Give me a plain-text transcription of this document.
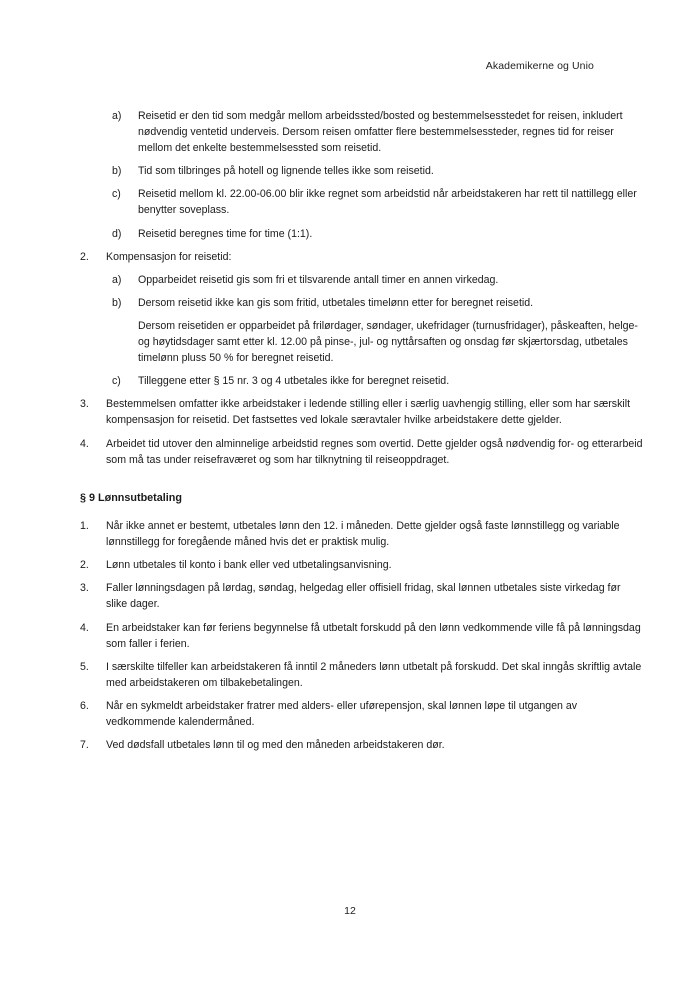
Akademikerne og Unio
a)	Reisetid er den tid som medgår mellom arbeidssted/bosted og bestemmelsesstedet for reisen, inkludert nødvendig ventetid underveis. Dersom reisen omfatter flere bestemmelsessteder, regnes tid for reiser mellom det enkelte bestemmelsessted som reisetid.
b)	Tid som tilbringes på hotell og lignende telles ikke som reisetid.
c)	Reisetid mellom kl. 22.00-06.00 blir ikke regnet som arbeidstid når arbeidstakeren har rett til nattillegg eller benytter soveplass.
d)	Reisetid beregnes time for time (1:1).
2.	Kompensasjon for reisetid:
a)	Opparbeidet reisetid gis som fri et tilsvarende antall timer en annen virkedag.
b)	Dersom reisetid ikke kan gis som fritid, utbetales timelønn etter for beregnet reisetid.
Dersom reisetiden er opparbeidet på frilørdager, søndager, ukefridager (turnusfridager), påskeaften, helge- og høytidsdager samt etter kl. 12.00 på pinse-, jul- og nyttårsaften og onsdag før skjærtorsdag, utbetales timelønn pluss 50 % for beregnet reisetid.
c)	Tilleggene etter § 15 nr. 3 og 4 utbetales ikke for beregnet reisetid.
3.	Bestemmelsen omfatter ikke arbeidstaker i ledende stilling eller i særlig uavhengig stilling, eller som har særskilt kompensasjon for reisetid. Det fastsettes ved lokale særavtaler hvilke arbeidstakere dette gjelder.
4.	Arbeidet tid utover den alminnelige arbeidstid regnes som overtid. Dette gjelder også nødvendig for- og etterarbeid som må tas under reisefraværet og som har tilknytning til reiseoppdraget.
§ 9 Lønnsutbetaling
1.	Når ikke annet er bestemt, utbetales lønn den 12. i måneden. Dette gjelder også faste lønnstillegg og variable lønnstillegg for foregående måned hvis det er praktisk mulig.
2.	Lønn utbetales til konto i bank eller ved utbetalingsanvisning.
3.	Faller lønningsdagen på lørdag, søndag, helgedag eller offisiell fridag, skal lønnen utbetales siste virkedag før slike dager.
4.	En arbeidstaker kan før feriens begynnelse få utbetalt forskudd på den lønn vedkommende ville få på lønningsdag som faller i ferien.
5.	I særskilte tilfeller kan arbeidstakeren få inntil 2 måneders lønn utbetalt på forskudd. Det skal inngås skriftlig avtale med arbeidstakeren om tilbakebetalingen.
6.	Når en sykmeldt arbeidstaker fratrer med alders- eller uførepensjon, skal lønnen løpe til utgangen av vedkommende kalendermåned.
7.	Ved dødsfall utbetales lønn til og med den måneden arbeidstakeren dør.
12
